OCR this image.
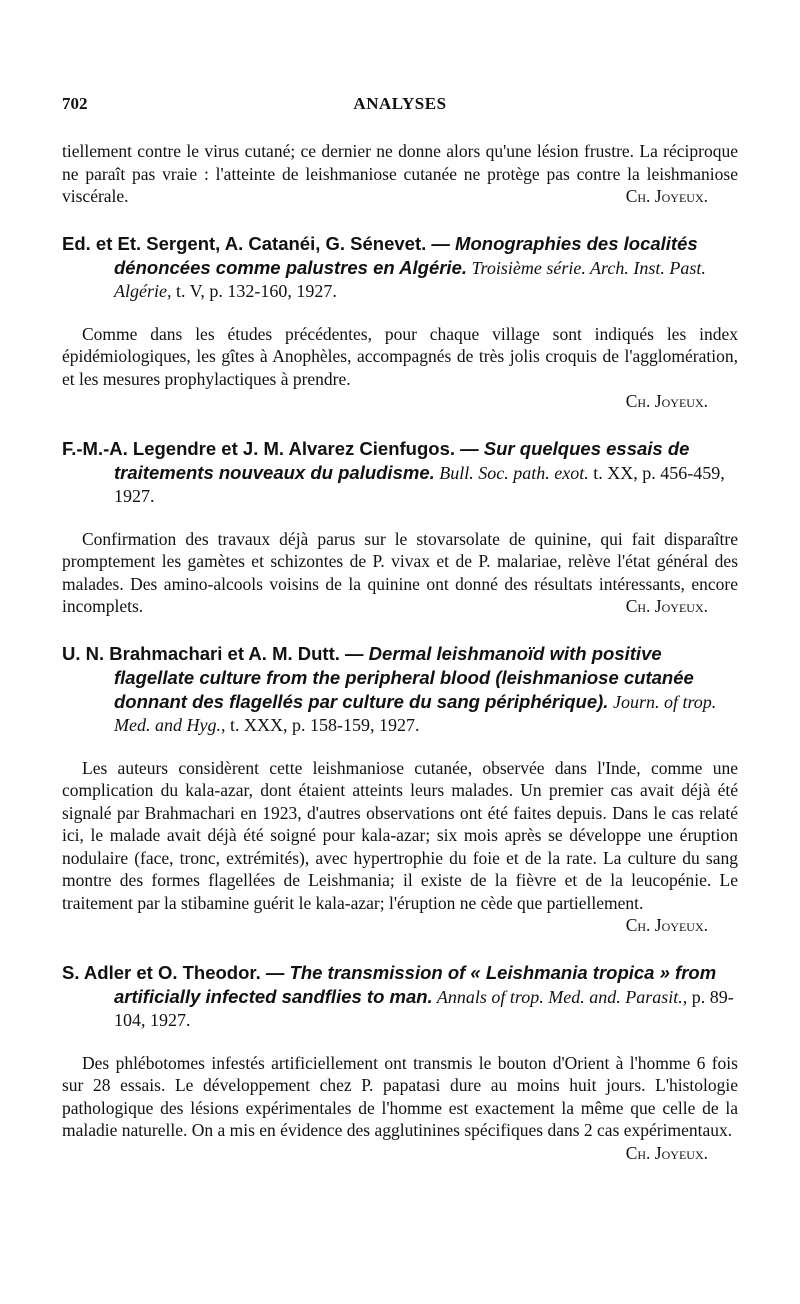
702	ANALYSES

tiellement contre le virus cutané; ce dernier ne donne alors qu'une lésion frustre. La réciproque ne paraît pas vraie : l'atteinte de leishmaniose cutanée ne protège pas contre la leishmaniose viscérale.	Ch. Joyeux.

Ed. et Et. Sergent, A. Catanéi, G. Sénevet. — Monographies des localités dénoncées comme palustres en Algérie. Troisième série. Arch. Inst. Past. Algérie, t. V, p. 132-160, 1927.

Comme dans les études précédentes, pour chaque village sont indiqués les index épidémiologiques, les gîtes à Anophèles, accompagnés de très jolis croquis de l'agglomération, et les mesures prophylactiques à prendre.

Ch. Joyeux.

F.-M.-A. Legendre et J. M. Alvarez Cienfugos. — Sur quelques essais de traitements nouveaux du paludisme. Bull. Soc. path. exot. t. XX, p. 456-459, 1927.

Confirmation des travaux déjà parus sur le stovarsolate de quinine, qui fait disparaître promptement les gamètes et schizontes de P. vivax et de P. malariae, relève l'état général des malades. Des amino-alcools voisins de la quinine ont donné des résultats intéressants, encore incomplets.	Ch. Joyeux.

U. N. Brahmachari et A. M. Dutt. — Dermal leishmanoïd with positive flagellate culture from the peripheral blood (leishmaniose cutanée donnant des flagellés par culture du sang périphérique). Journ. of trop. Med. and Hyg., t. XXX, p. 158-159, 1927.

Les auteurs considèrent cette leishmaniose cutanée, observée dans l'Inde, comme une complication du kala-azar, dont étaient atteints leurs malades. Un premier cas avait déjà été signalé par Brahmachari en 1923, d'autres observations ont été faites depuis. Dans le cas relaté ici, le malade avait déjà été soigné pour kala-azar; six mois après se développe une éruption nodulaire (face, tronc, extrémités), avec hypertrophie du foie et de la rate. La culture du sang montre des formes flagellées de Leishmania; il existe de la fièvre et de la leucopénie. Le traitement par la stibamine guérit le kala-azar; l'éruption ne cède que partiellement.
Ch. Joyeux.

S. Adler et O. Theodor. — The transmission of « Leishmania tropica » from artificially infected sandflies to man. Annals of trop. Med. and. Parasit., p. 89-104, 1927.

Des phlébotomes infestés artificiellement ont transmis le bouton d'Orient à l'homme 6 fois sur 28 essais. Le développement chez P. papatasi dure au moins huit jours. L'histologie pathologique des lésions expérimentales de l'homme est exactement la même que celle de la maladie naturelle. On a mis en évidence des agglutinines spécifiques dans 2 cas expérimentaux.
Ch. Joyeux.
